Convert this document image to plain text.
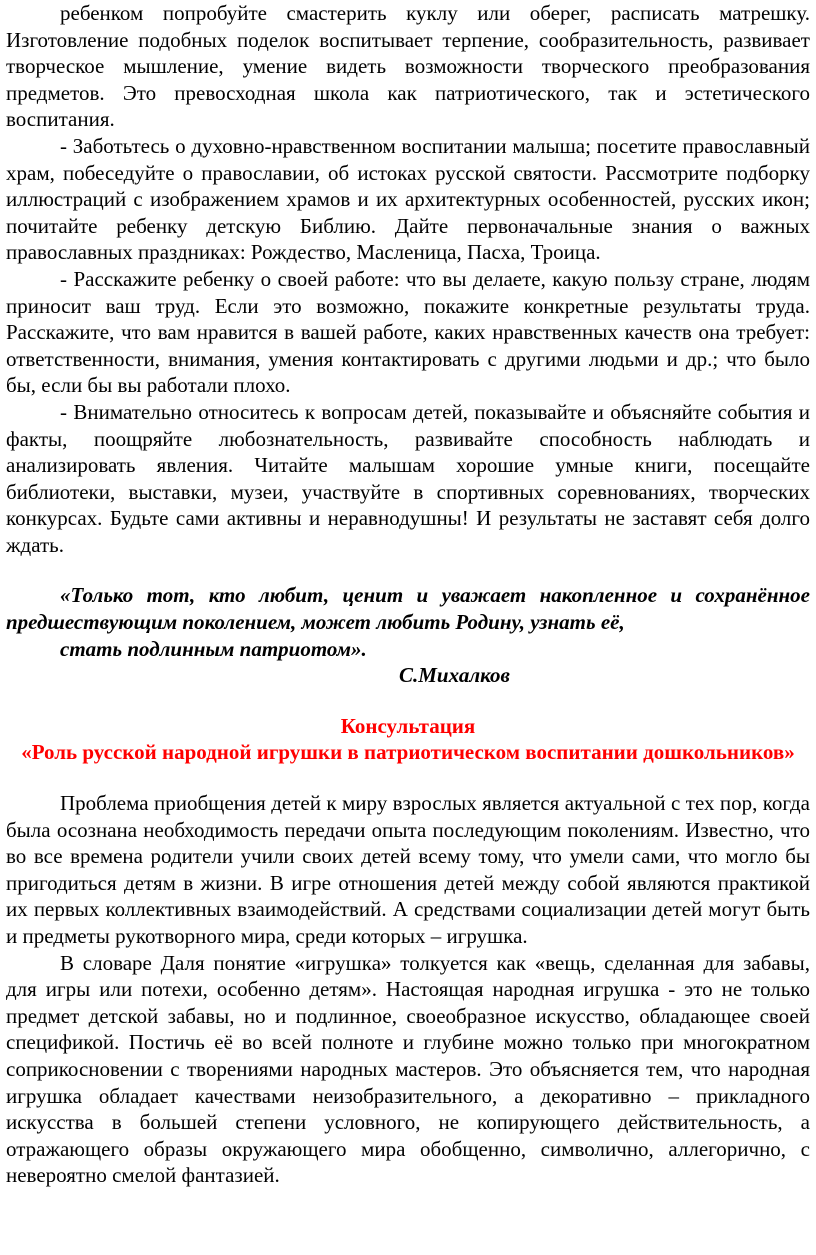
ребенком попробуйте смастерить куклу или оберег, расписать матрешку. Изготовление подобных поделок воспитывает терпение, сообразительность, развивает творческое мышление, умение видеть возможности творческого преобразования предметов. Это превосходная школа как патриотического, так и эстетического воспитания.

- Заботьтесь о духовно-нравственном воспитании малыша; посетите православный храм, побеседуйте о православии, об истоках русской святости. Рассмотрите подборку иллюстраций с изображением храмов и их архитектурных особенностей, русских икон; почитайте ребенку детскую Библию. Дайте первоначальные знания о важных православных праздниках: Рождество, Масленица, Пасха, Троица.

- Расскажите ребенку о своей работе: что вы делаете, какую пользу стране, людям приносит ваш труд. Если это возможно, покажите конкретные результаты труда. Расскажите, что вам нравится в вашей работе, каких нравственных качеств она требует: ответственности, внимания, умения контактировать с другими людьми и др.; что было бы, если бы вы работали плохо.

- Внимательно относитесь к вопросам детей, показывайте и объясняйте события и факты, поощряйте любознательность, развивайте способность наблюдать и анализировать явления. Читайте малышам хорошие умные книги, посещайте библиотеки, выставки, музеи, участвуйте в спортивных соревнованиях, творческих конкурсах. Будьте сами активны и неравнодушны! И результаты не заставят себя долго ждать.

«Только тот, кто любит, ценит и уважает накопленное и сохранённое предшествующим поколением, может любить Родину, узнать её,

стать подлинным патриотом».

С.Михалков

Консультация

«Роль русской народной игрушки в патриотическом воспитании дошкольников»

Проблема приобщения детей к миру взрослых является актуальной с тех пор, когда была осознана необходимость передачи опыта последующим поколениям. Известно, что во все времена родители учили своих детей всему тому, что умели сами, что могло бы пригодиться детям в жизни. В игре отношения детей между собой являются практикой их первых коллективных взаимодействий. А средствами социализации детей могут быть и предметы рукотворного мира, среди которых – игрушка.

В словаре Даля понятие «игрушка» толкуется как «вещь, сделанная для забавы, для игры или потехи, особенно детям». Настоящая народная игрушка - это не только предмет детской забавы, но и подлинное, своеобразное искусство, обладающее своей спецификой. Постичь её во всей полноте и глубине можно только при многократном соприкосновении с творениями народных мастеров. Это объясняется тем, что народная игрушка обладает качествами неизобразительного, а декоративно – прикладного искусства в большей степени условного, не копирующего действительность, а отражающего образы окружающего мира обобщенно, символично, аллегорично, с невероятно смелой фантазией.
